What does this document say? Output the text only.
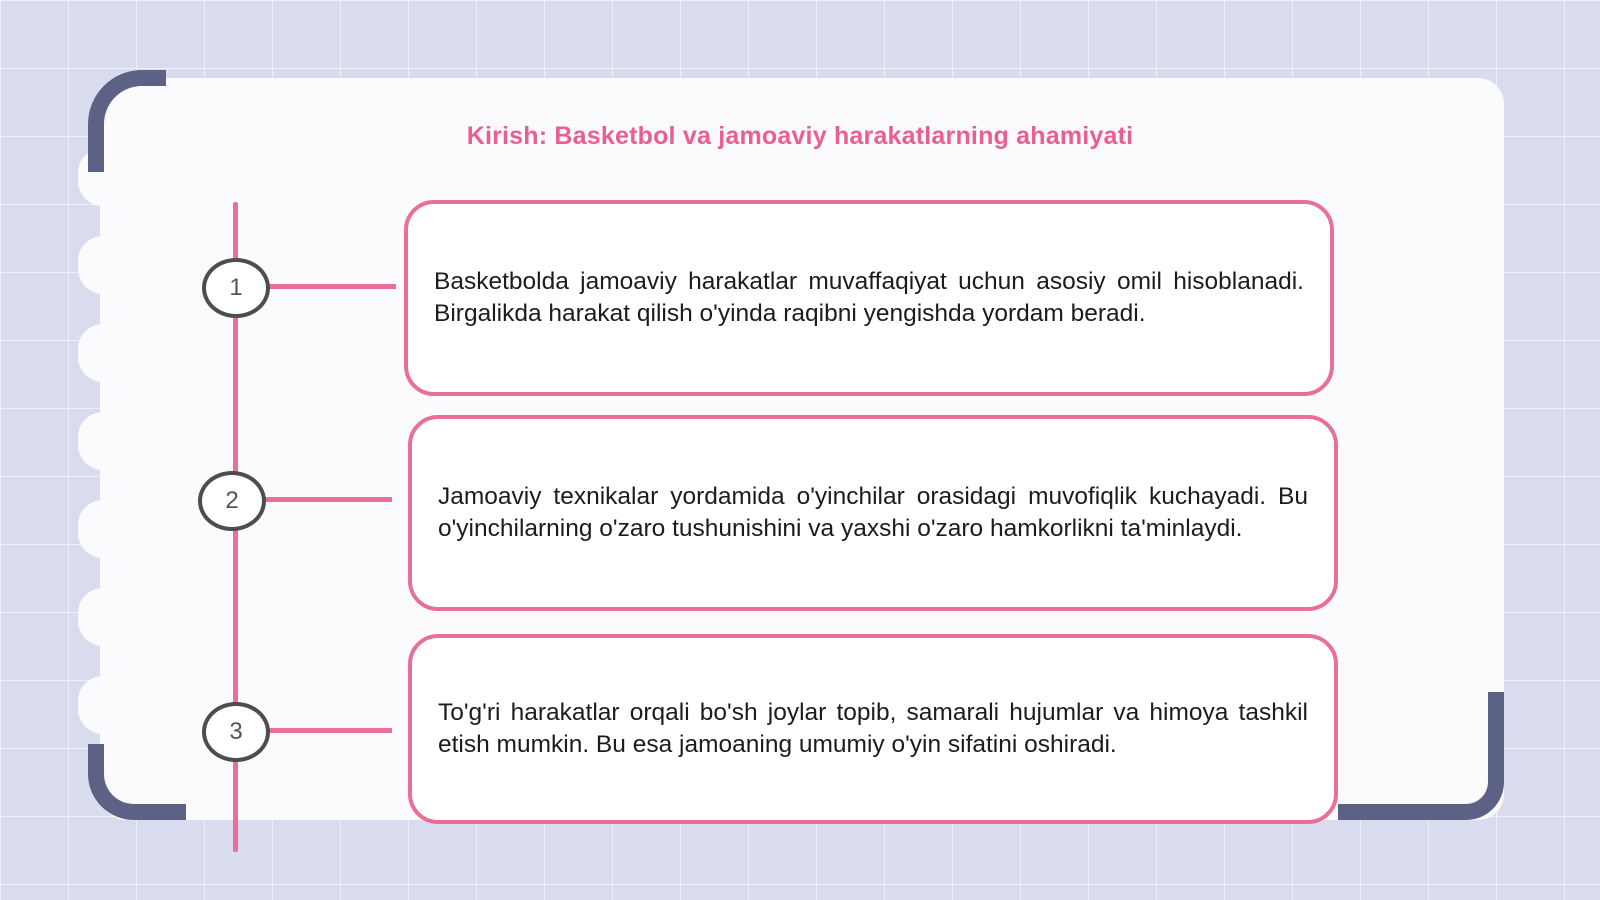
Kirish: Basketbol va jamoaviy harakatlarning ahamiyati
1	Basketbolda jamoaviy harakatlar muvaffaqiyat uchun asosiy omil hisoblanadi. Birgalikda harakat qilish o'yinda raqibni yengishda yordam beradi.
2	Jamoaviy texnikalar yordamida o'yinchilar orasidagi muvofiqlik kuchayadi. Bu o'yinchilarning o'zaro tushunishini va yaxshi o'zaro hamkorlikni ta'minlaydi.
3
To'g'ri harakatlar orqali bo'sh joylar topib, samarali hujumlar va himoya tashkil etish mumkin. Bu esa jamoaning umumiy o'yin sifatini oshiradi.
